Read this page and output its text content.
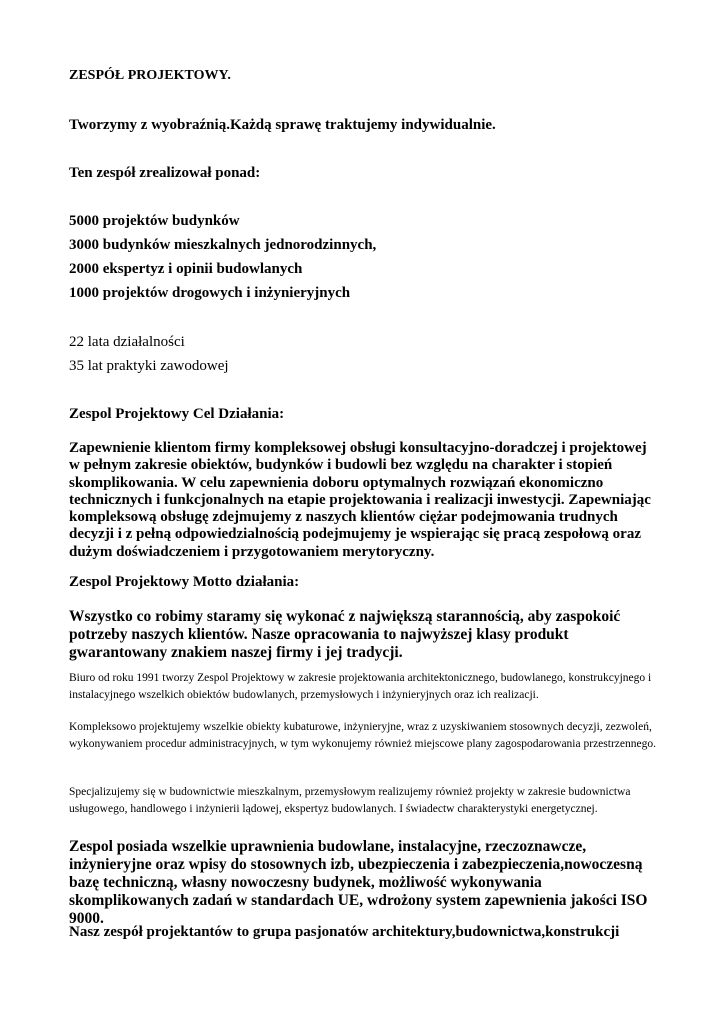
ZESPÓŁ PROJEKTOWY.
Tworzymy z wyobraźnią.Każdą sprawę traktujemy indywidualnie.
Ten zespół zrealizował ponad:
5000 projektów budynków
3000 budynków mieszkalnych jednorodzinnych,
2000 ekspertyz i opinii budowlanych
1000 projektów drogowych i inżynieryjnych
22 lata działalności
35 lat praktyki zawodowej
Zespol Projektowy Cel Działania:
Zapewnienie klientom firmy kompleksowej obsługi konsultacyjno-doradczej i projektowej w pełnym zakresie obiektów, budynków i budowli bez względu na charakter i stopień skomplikowania. W celu zapewnienia doboru optymalnych rozwiązań ekonomiczno technicznych i funkcjonalnych na etapie projektowania i realizacji inwestycji. Zapewniając kompleksową obsługę zdejmujemy z naszych klientów ciężar podejmowania trudnych decyzji i z pełną odpowiedzialnością podejmujemy je wspierając się pracą zespołową oraz dużym doświadczeniem i przygotowaniem merytoryczny.
Zespol Projektowy Motto działania:
Wszystko co robimy staramy się wykonać z największą starannością, aby zaspokoić potrzeby naszych klientów. Nasze opracowania to najwyższej klasy produkt gwarantowany znakiem naszej firmy i jej tradycji.
Biuro od roku 1991 tworzy Zespol Projektowy w zakresie projektowania architektonicznego, budowlanego, konstrukcyjnego i instalacyjnego wszelkich obiektów budowlanych, przemysłowych i inżynieryjnych oraz ich realizacji.
Kompleksowo projektujemy wszelkie obiekty kubaturowe, inżynieryjne, wraz z uzyskiwaniem stosownych decyzji, zezwoleń, wykonywaniem procedur administracyjnych, w tym wykonujemy również miejscowe plany zagospodarowania przestrzennego.
Specjalizujemy się w budownictwie mieszkalnym, przemysłowym realizujemy również projekty w zakresie budownictwa usługowego, handlowego i inżynierii lądowej, ekspertyz budowlanych. I świadectw charakterystyki energetycznej.
Zespol posiada wszelkie uprawnienia budowlane, instalacyjne, rzeczoznawcze, inżynieryjne oraz wpisy do stosownych izb, ubezpieczenia i zabezpieczenia,nowoczesną bazę techniczną, własny nowoczesny budynek, możliwość wykonywania skomplikowanych zadań w standardach UE, wdrożony system zapewnienia jakości ISO 9000.
Nasz zespół projektantów to grupa pasjonatów architektury,budownictwa,konstrukcji
